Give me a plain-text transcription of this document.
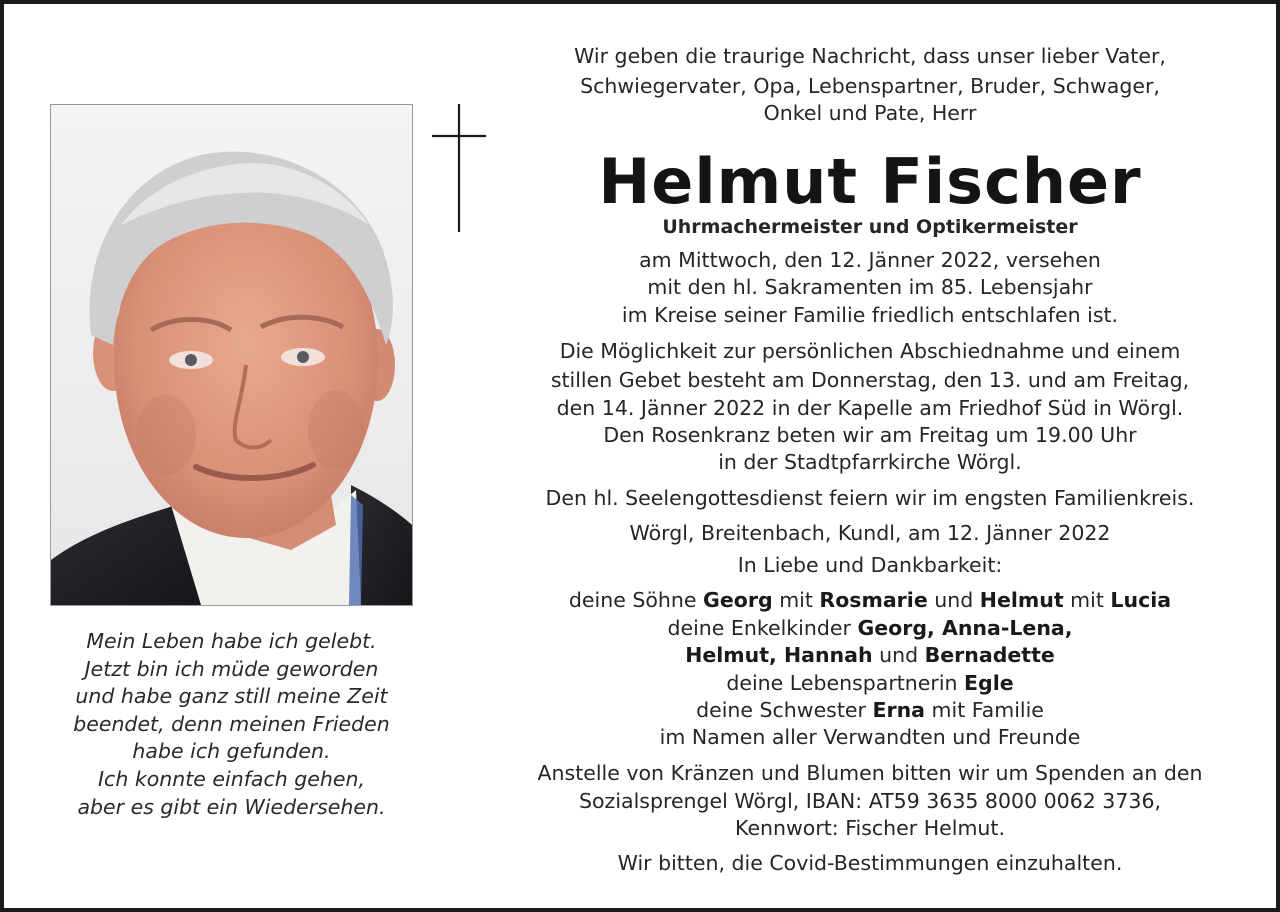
Mein Leben habe ich gelebt.
Jetzt bin ich müde geworden
und habe ganz still meine Zeit
beendet, denn meinen Frieden
habe ich gefunden.
Ich konnte einfach gehen,
aber es gibt ein Wiedersehen.
Wir geben die traurige Nachricht, dass unser lieber Vater,
Schwiegervater, Opa, Lebenspartner, Bruder, Schwager,
Onkel und Pate, Herr
Helmut Fischer
Uhrmachermeister und Optikermeister
am Mittwoch, den 12. Jänner 2022, versehen
mit den hl. Sakramenten im 85. Lebensjahr
im Kreise seiner Familie friedlich entschlafen ist.
Die Möglichkeit zur persönlichen Abschiednahme und einem
stillen Gebet besteht am Donnerstag, den 13. und am Freitag,
den 14. Jänner 2022 in der Kapelle am Friedhof Süd in Wörgl.
Den Rosenkranz beten wir am Freitag um 19.00 Uhr
in der Stadtpfarrkirche Wörgl.
Den hl. Seelengottesdienst feiern wir im engsten Familienkreis.
Wörgl, Breitenbach, Kundl, am 12. Jänner 2022
In Liebe und Dankbarkeit:
deine Söhne Georg mit Rosmarie und Helmut mit Lucia
deine Enkelkinder Georg, Anna-Lena,
Helmut, Hannah und Bernadette
deine Lebenspartnerin Egle
deine Schwester Erna mit Familie
im Namen aller Verwandten und Freunde
Anstelle von Kränzen und Blumen bitten wir um Spenden an den
Sozialsprengel Wörgl, IBAN: AT59 3635 8000 0062 3736,
Kennwort: Fischer Helmut.
Wir bitten, die Covid-Bestimmungen einzuhalten.
